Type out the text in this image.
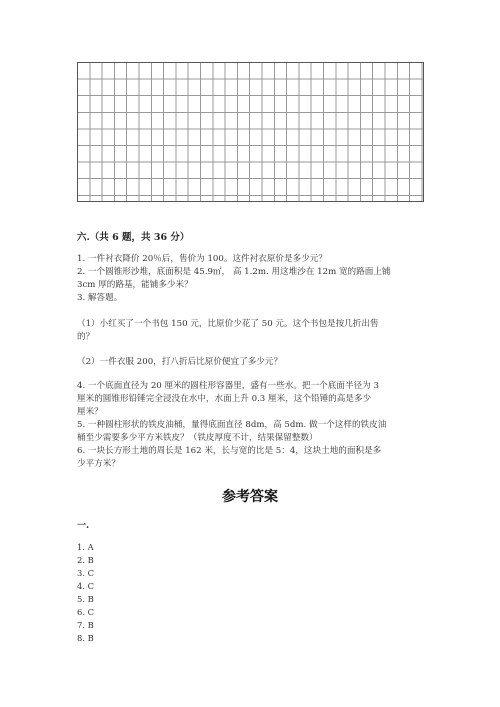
六.（共 6 题，共 36 分）
1. 一件衬衣降价 20％后，售价为 100。这件衬衣原价是多少元？
2. 一个圆锥形沙堆，底面积是 45.9㎡， 高 1.2m. 用这堆沙在 12m 宽的路面上铺
3cm 厚的路基，能铺多少米？
3. 解答题。
（1）小红买了一个书包 150 元，比原价少花了 50 元。这个书包是按几折出售
的？
（2）一件衣服 200，打八折后比原价便宜了多少元？
4. 一个底面直径为 20 厘米的圆柱形容器里，盛有一些水。把一个底面半径为 3
厘米的圆锥形铅锤完全浸没在水中，水面上升 0.3 厘米，这个铅锤的高是多少
厘米？
5. 一种圆柱形状的铁皮油桶，量得底面直径 8dm，高 5dm. 做一个这样的铁皮油
桶至少需要多少平方米铁皮？（铁皮厚度不计，结果保留整数）
6. 一块长方形土地的周长是 162 米，长与宽的比是 5：4，这块土地的面积是多
少平方米？
参考答案
一.
1. A
2. B
3. C
4. C
5. B
6. C
7. B
8. B
